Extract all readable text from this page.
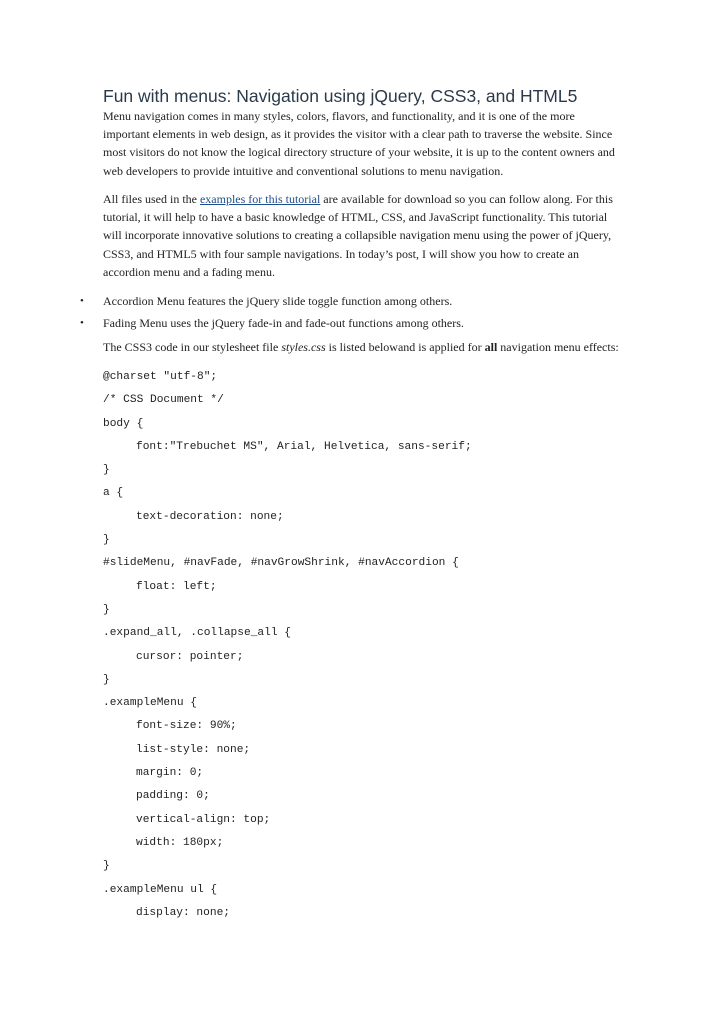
Fun with menus: Navigation using jQuery, CSS3, and HTML5
Menu navigation comes in many styles, colors, flavors, and functionality, and it is one of the more important elements in web design, as it provides the visitor with a clear path to traverse the website. Since most visitors do not know the logical directory structure of your website, it is up to the content owners and web developers to provide intuitive and conventional solutions to menu navigation.
All files used in the examples for this tutorial are available for download so you can follow along. For this tutorial, it will help to have a basic knowledge of HTML, CSS, and JavaScript functionality. This tutorial will incorporate innovative solutions to creating a collapsible navigation menu using the power of jQuery, CSS3, and HTML5 with four sample navigations. In today’s post, I will show you how to create an accordion menu and a fading menu.
• Accordion Menu features the jQuery slide toggle function among others.
• Fading Menu uses the jQuery fade-in and fade-out functions among others.
The CSS3 code in our stylesheet file styles.css is listed belowand is applied for all navigation menu effects:
@charset "utf-8";
/* CSS Document */
body {
font:"Trebuchet MS", Arial, Helvetica, sans-serif;
}
a {
text-decoration: none;
}
#slideMenu, #navFade, #navGrowShrink, #navAccordion {
float: left;
}
.expand_all, .collapse_all {
cursor: pointer;
}
.exampleMenu {
font-size: 90%;
list-style: none;
margin: 0;
padding: 0;
vertical-align: top;
width: 180px;
}
.exampleMenu ul {
display: none;
